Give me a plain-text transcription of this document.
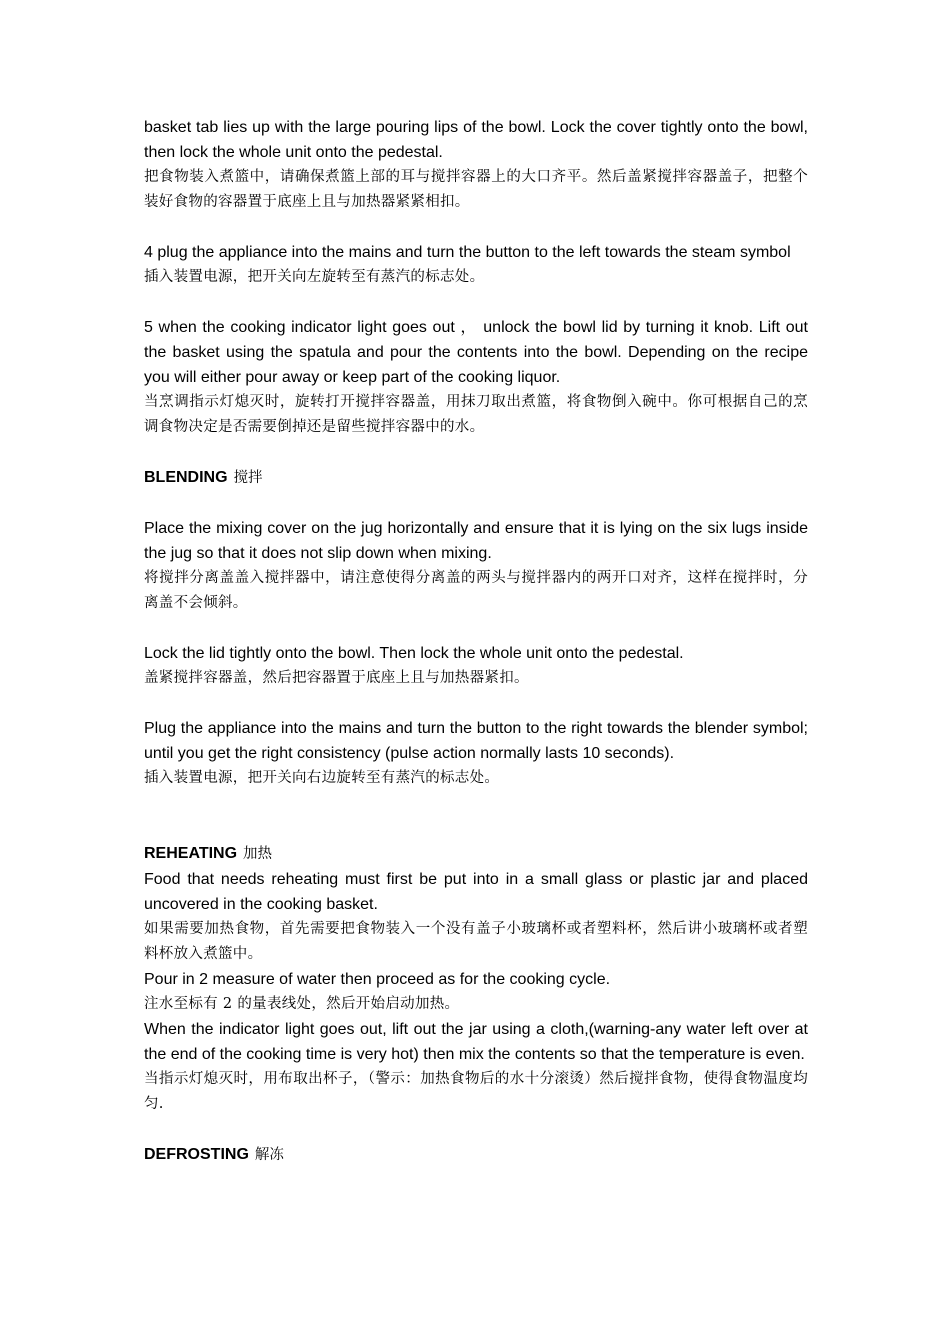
basket tab lies up with the large pouring lips of the bowl. Lock the cover tightly onto the bowl, then lock the whole unit onto the pedestal.

把食物装入煮篮中，请确保煮篮上部的耳与搅拌容器上的大口齐平。然后盖紧搅拌容器盖子，把整个装好食物的容器置于底座上且与加热器紧紧相扣。

4 plug the appliance into the mains and turn the button to the left towards the steam symbol

插入装置电源，把开关向左旋转至有蒸汽的标志处。

5 when the cooking indicator light goes out ， unlock the bowl lid by turning it knob. Lift out the basket using the spatula and pour the contents into the bowl. Depending on the recipe you will either pour away or keep part of the cooking liquor.

当烹调指示灯熄灭时，旋转打开搅拌容器盖，用抹刀取出煮篮，将食物倒入碗中。你可根据自己的烹调食物决定是否需要倒掉还是留些搅拌容器中的水。

BLENDING 搅拌

Place the mixing cover on the jug horizontally and ensure that it is lying on the six lugs inside the jug so that it does not slip down when mixing.

将搅拌分离盖盖入搅拌器中，请注意使得分离盖的两头与搅拌器内的两开口对齐，这样在搅拌时，分离盖不会倾斜。

Lock the lid tightly onto the bowl. Then lock the whole unit onto the pedestal.

盖紧搅拌容器盖，然后把容器置于底座上且与加热器紧扣。

Plug the appliance into the mains and turn the button to the right towards the blender symbol; until you get the right consistency (pulse action normally lasts 10 seconds).

插入装置电源，把开关向右边旋转至有蒸汽的标志处。

REHEATING 加热

Food that needs reheating must first be put into in a small glass or plastic jar and placed uncovered in the cooking basket.

如果需要加热食物，首先需要把食物装入一个没有盖子小玻璃杯或者塑料杯，然后讲小玻璃杯或者塑料杯放入煮篮中。

Pour in 2 measure of water then proceed as for the cooking cycle.

注水至标有 2 的量表线处，然后开始启动加热。

When the indicator light goes out, lift out the jar using a cloth,(warning-any water left over at the end of the cooking time is very hot) then mix the contents so that the temperature is even.

当指示灯熄灭时，用布取出杯子，（警示：加热食物后的水十分滚烫）然后搅拌食物，使得食物温度均匀.

DEFROSTING 解冻
